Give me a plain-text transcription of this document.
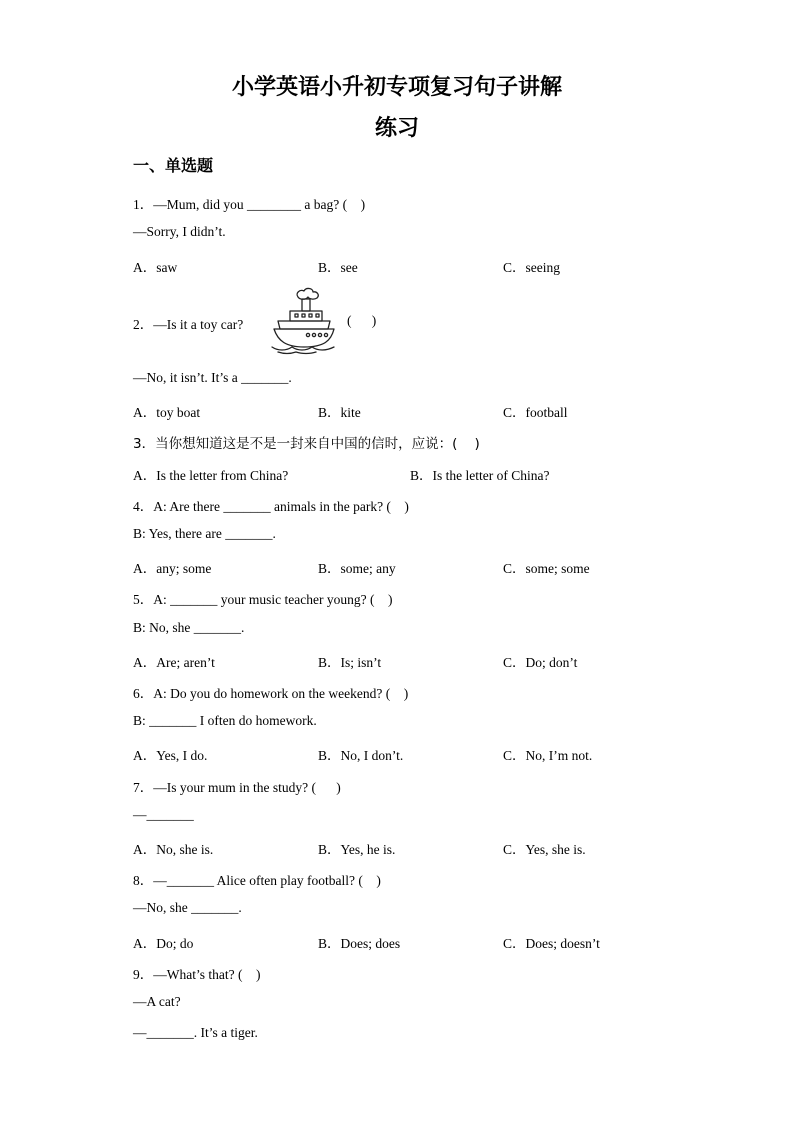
小学英语小升初专项复习句子讲解
练习
一、单选题
1．—Mum, did you ________ a bag? (    )
—Sorry, I didn’t.
A．saw	B．see	C．seeing
2．—Is it a toy car?	(      )
—No, it isn’t. It’s a _______.
A．toy boat	B．kite	C．football
3．当你想知道这是不是一封来自中国的信时，应说：(    )
A．Is the letter from China?	B．Is the letter of China?
4．A: Are there _______ animals in the park? (    )
B: Yes, there are _______.
A．any; some	B．some; any	C．some; some
5．A: _______ your music teacher young? (    )
B: No, she _______.
A．Are; aren’t	B．Is; isn’t	C．Do; don’t
6．A: Do you do homework on the weekend? (    )
B: _______ I often do homework.
A．Yes, I do.	B．No, I don’t.	C．No, I’m not.
7．—Is your mum in the study? (      )
—_______
A．No, she is.	B．Yes, he is.	C．Yes, she is.
8．—_______ Alice often play football? (    )
—No, she _______.
A．Do; do	B．Does; does	C．Does; doesn’t
9．—What’s that? (    )
—A cat?
—_______. It’s a tiger.
